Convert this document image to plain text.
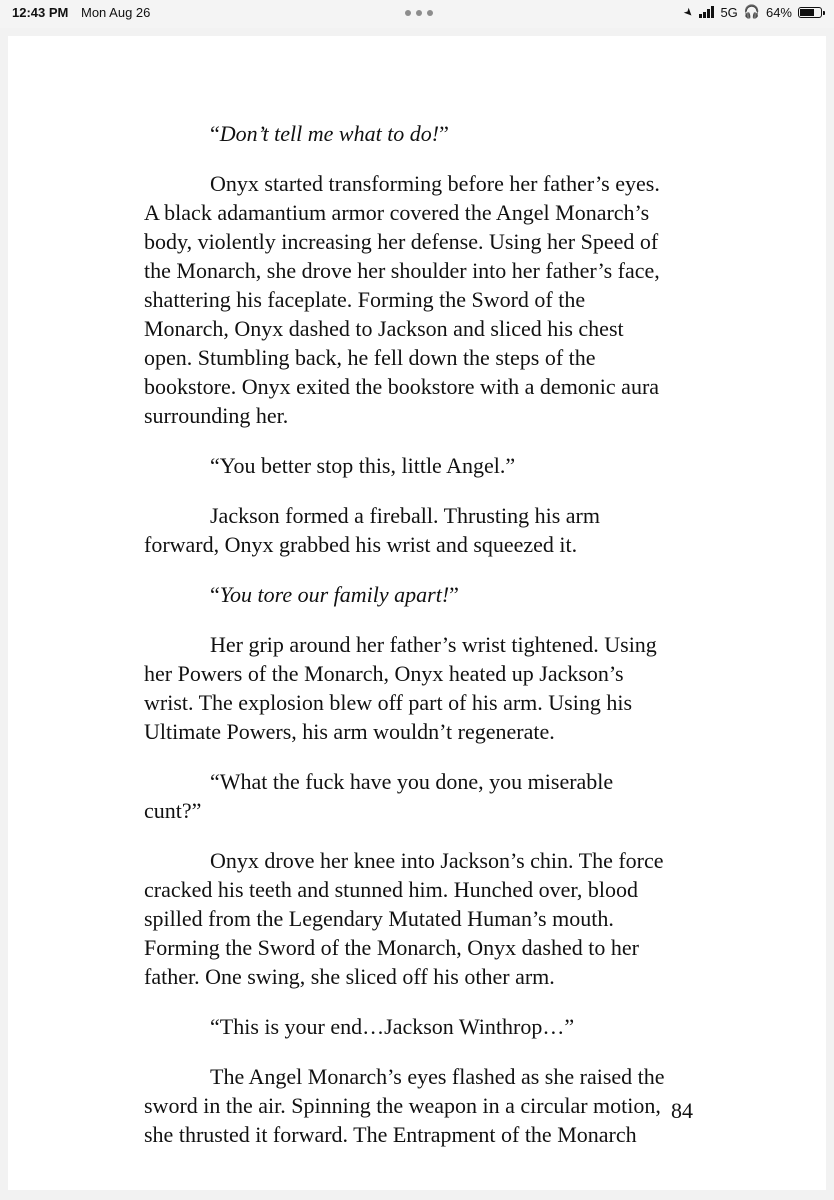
12:43 PM Mon Aug 26	➤ 5G 🎧 64%

“Don’t tell me what to do!”

Onyx started transforming before her father’s eyes. A black adamantium armor covered the Angel Monarch’s body, violently increasing her defense. Using her Speed of the Monarch, she drove her shoulder into her father’s face, shattering his faceplate. Forming the Sword of the Monarch, Onyx dashed to Jackson and sliced his chest open. Stumbling back, he fell down the steps of the bookstore. Onyx exited the bookstore with a demonic aura surrounding her.

“You better stop this, little Angel.”

Jackson formed a fireball. Thrusting his arm forward, Onyx grabbed his wrist and squeezed it.

“You tore our family apart!”

Her grip around her father’s wrist tightened. Using her Powers of the Monarch, Onyx heated up Jackson’s wrist. The explosion blew off part of his arm. Using his Ultimate Powers, his arm wouldn’t regenerate.

“What the fuck have you done, you miserable cunt?”

Onyx drove her knee into Jackson’s chin. The force cracked his teeth and stunned him. Hunched over, blood spilled from the Legendary Mutated Human’s mouth. Forming the Sword of the Monarch, Onyx dashed to her father. One swing, she sliced off his other arm.

“This is your end…Jackson Winthrop…”

The Angel Monarch’s eyes flashed as she raised the sword in the air. Spinning the weapon in a circular motion, she thrusted it forward. The Entrapment of the Monarch

84
